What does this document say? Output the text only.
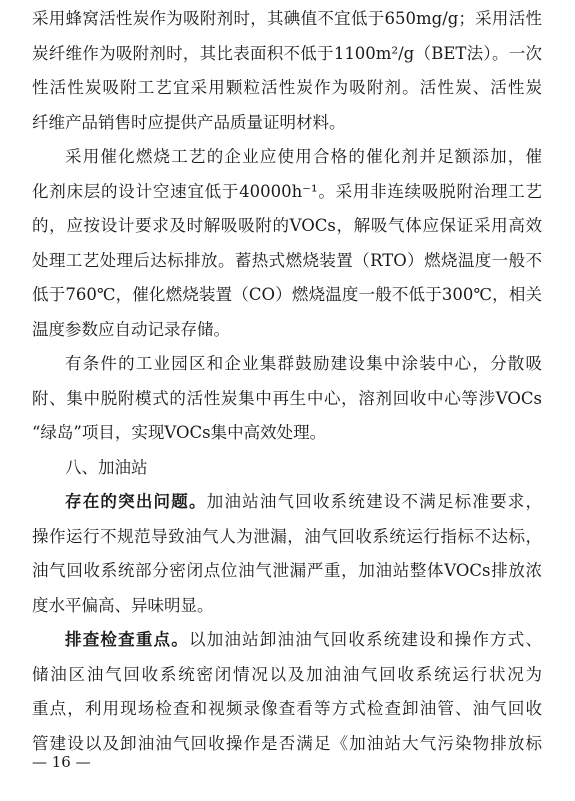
采用蜂窝活性炭作为吸附剂时，其碘值不宜低于650mg/g；采用活性
炭纤维作为吸附剂时，其比表面积不低于1100m²/g（BET法）。一次
性活性炭吸附工艺宜采用颗粒活性炭作为吸附剂。活性炭、活性炭
纤维产品销售时应提供产品质量证明材料。
采用催化燃烧工艺的企业应使用合格的催化剂并足额添加，催
化剂床层的设计空速宜低于40000h⁻¹。采用非连续吸脱附治理工艺
的，应按设计要求及时解吸吸附的VOCs，解吸气体应保证采用高效
处理工艺处理后达标排放。蓄热式燃烧装置（RTO）燃烧温度一般不
低于760℃，催化燃烧装置（CO）燃烧温度一般不低于300℃，相关
温度参数应自动记录存储。
有条件的工业园区和企业集群鼓励建设集中涂装中心，分散吸
附、集中脱附模式的活性炭集中再生中心，溶剂回收中心等涉VOCs
“绿岛”项目，实现VOCs集中高效处理。
八、加油站
存在的突出问题。加油站油气回收系统建设不满足标准要求，
操作运行不规范导致油气人为泄漏，油气回收系统运行指标不达标，
油气回收系统部分密闭点位油气泄漏严重，加油站整体VOCs排放浓
度水平偏高、异味明显。
排查检查重点。以加油站卸油油气回收系统建设和操作方式、
储油区油气回收系统密闭情况以及加油油气回收系统运行状况为
重点，利用现场检查和视频录像查看等方式检查卸油管、油气回收
管建设以及卸油油气回收操作是否满足《加油站大气污染物排放标
— 16 —
